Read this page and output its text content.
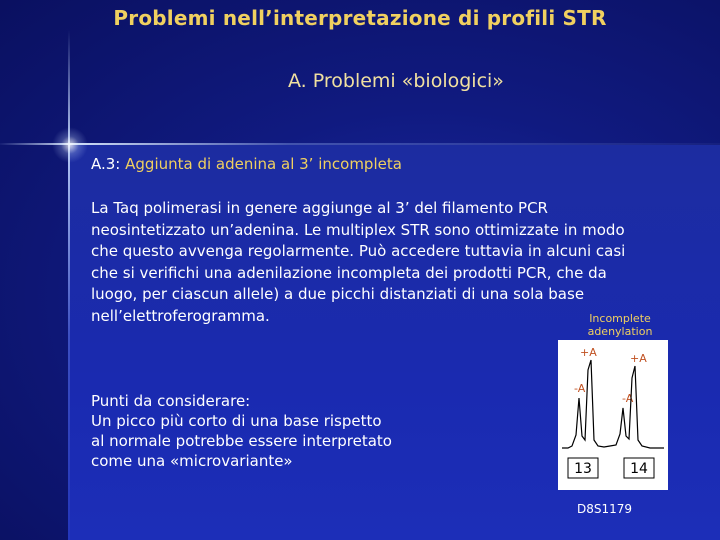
Problemi nell’interpretazione di profili STR
A. Problemi «biologici»
A.3: Aggiunta di adenina al 3’ incompleta
La Taq polimerasi in genere aggiunge al 3’ del filamento PCR
neosintetizzato un’adenina. Le multiplex STR sono ottimizzate in modo
che questo avvenga regolarmente. Può accedere tuttavia in alcuni casi
che si verifichi una adenilazione incompleta dei prodotti PCR, che da
luogo, per ciascun allele) a due picchi distanziati di una sola base
nell’elettroferogramma.
Punti da considerare:
Un picco più corto di una base rispetto
al normale potrebbe essere interpretato
come una «microvariante»
Incomplete
adenylation
+A	+A
-A
-A
13	14
D8S1179
